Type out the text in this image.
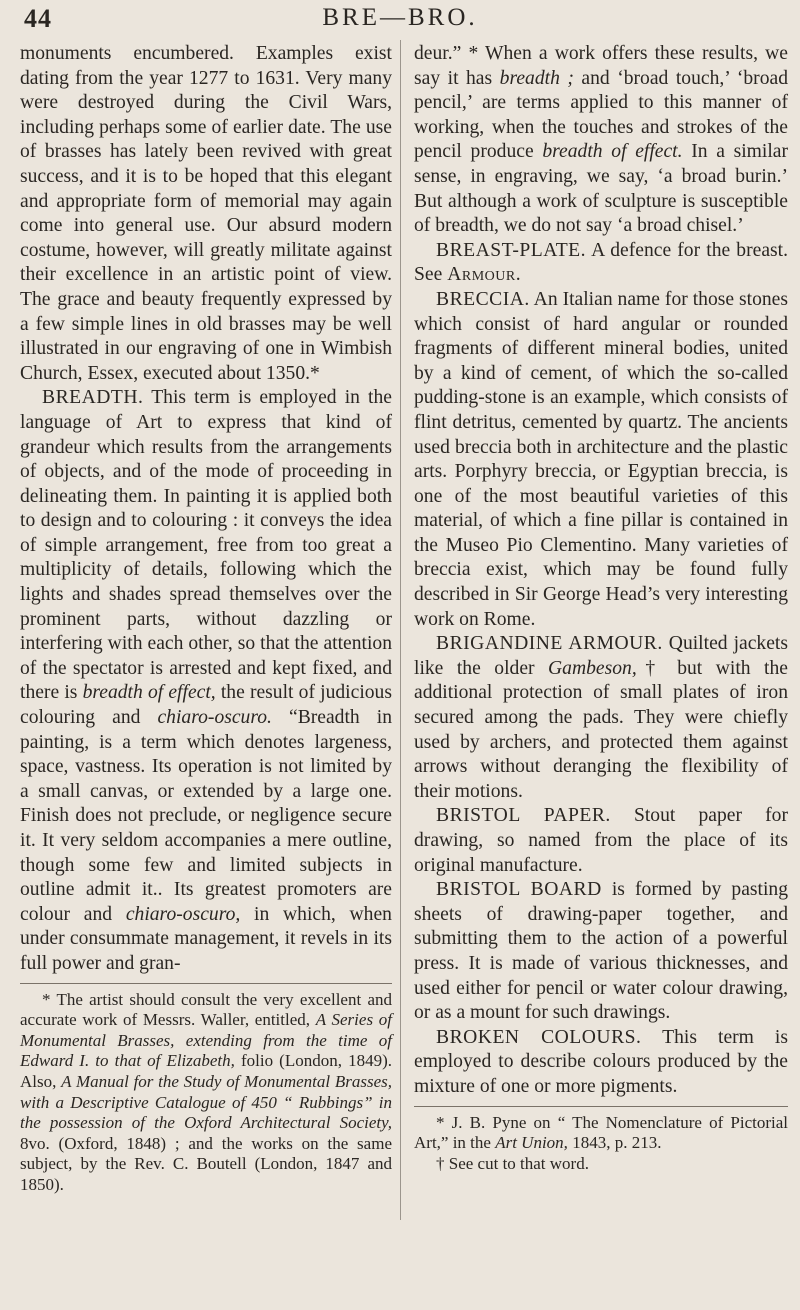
44	BRE—BRO.

monuments encumbered. Examples exist dating from the year 1277 to 1631. Very many were destroyed during the Civil Wars, including perhaps some of earlier date. The use of brasses has lately been revived with great success, and it is to be hoped that this elegant and appropriate form of memorial may again come into general use. Our absurd modern costume, however, will greatly militate against their excellence in an artistic point of view. The grace and beauty frequently expressed by a few simple lines in old brasses may be well illustrated in our engraving of one in Wimbish Church, Essex, executed about 1350.*

BREADTH. This term is employed in the language of Art to express that kind of grandeur which results from the arrangements of objects, and of the mode of proceeding in delineating them. In painting it is applied both to design and to colouring : it conveys the idea of simple arrangement, free from too great a multiplicity of details, following which the lights and shades spread themselves over the prominent parts, without dazzling or interfering with each other, so that the attention of the spectator is arrested and kept fixed, and there is breadth of effect, the result of judicious colouring and chiaro-oscuro. “Breadth in painting, is a term which denotes largeness, space, vastness. Its operation is not limited by a small canvas, or extended by a large one. Finish does not preclude, or negligence secure it. It very seldom accompanies a mere outline, though some few and limited subjects in outline admit it.. Its greatest promoters are colour and chiaro-oscuro, in which, when under consummate management, it revels in its full power and gran-

* The artist should consult the very excellent and accurate work of Messrs. Waller, entitled, A Series of Monumental Brasses, extending from the time of Edward I. to that of Elizabeth, folio (London, 1849). Also, A Manual for the Study of Monumental Brasses, with a Descriptive Catalogue of 450 “ Rubbings” in the possession of the Oxford Architectural Society, 8vo. (Oxford, 1848) ; and the works on the same subject, by the Rev. C. Boutell (London, 1847 and 1850).

deur.” * When a work offers these results, we say it has breadth ; and ‘broad touch,’ ‘broad pencil,’ are terms applied to this manner of working, when the touches and strokes of the pencil produce breadth of effect. In a similar sense, in engraving, we say, ‘a broad burin.’ But although a work of sculpture is susceptible of breadth, we do not say ‘a broad chisel.’

BREAST-PLATE. A defence for the breast. See Armour.

BRECCIA. An Italian name for those stones which consist of hard angular or rounded fragments of different mineral bodies, united by a kind of cement, of which the so-called pudding-stone is an example, which consists of flint detritus, cemented by quartz. The ancients used breccia both in architecture and the plastic arts. Porphyry breccia, or Egyptian breccia, is one of the most beautiful varieties of this material, of which a fine pillar is contained in the Museo Pio Clementino. Many varieties of breccia exist, which may be found fully described in Sir George Head’s very interesting work on Rome.

BRIGANDINE ARMOUR. Quilted jackets like the older Gambeson,† but with the additional protection of small plates of iron secured among the pads. They were chiefly used by archers, and protected them against arrows without deranging the flexibility of their motions.

BRISTOL PAPER. Stout paper for drawing, so named from the place of its original manufacture.

BRISTOL BOARD is formed by pasting sheets of drawing-paper together, and submitting them to the action of a powerful press. It is made of various thicknesses, and used either for pencil or water colour drawing, or as a mount for such drawings.

BROKEN COLOURS. This term is employed to describe colours produced by the mixture of one or more pigments.

* J. B. Pyne on “ The Nomenclature of Pictorial Art,” in the Art Union, 1843, p. 213.

† See cut to that word.
